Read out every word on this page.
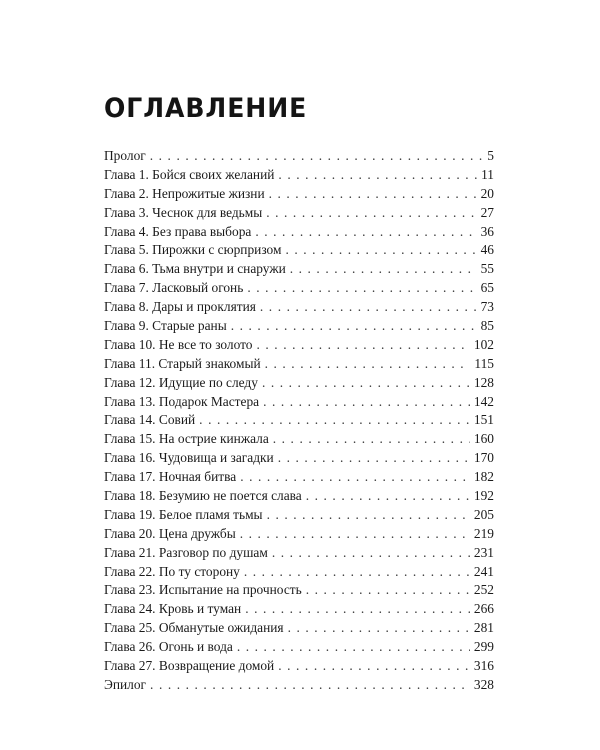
ОГЛАВЛЕНИЕ
Пролог . . .	5
Глава 1. Бойся своих желаний . . .	11
Глава 2. Непрожитые жизни . . .	20
Глава 3. Чеснок для ведьмы . . .	27
Глава 4. Без права выбора . . .	36
Глава 5. Пирожки с сюрпризом . . .	46
Глава 6. Тьма внутри и снаружи . . .	55
Глава 7. Ласковый огонь . . .	65
Глава 8. Дары и проклятия . . .	73
Глава 9. Старые раны . . .	85
Глава 10. Не все то золото . . .	102
Глава 11. Старый знакомый . . .	115
Глава 12. Идущие по следу . . .	128
Глава 13. Подарок Мастера . . .	142
Глава 14. Совий . . .	151
Глава 15. На острие кинжала . . .	160
Глава 16. Чудовища и загадки . . .	170
Глава 17. Ночная битва . . .	182
Глава 18. Безумию не поется слава . . .	192
Глава 19. Белое пламя тьмы . . .	205
Глава 20. Цена дружбы . . .	219
Глава 21. Разговор по душам . . .	231
Глава 22. По ту сторону . . .	241
Глава 23. Испытание на прочность . . .	252
Глава 24. Кровь и туман . . .	266
Глава 25. Обманутые ожидания . . .	281
Глава 26. Огонь и вода . . .	299
Глава 27. Возвращение домой . . .	316
Эпилог . . .	328
